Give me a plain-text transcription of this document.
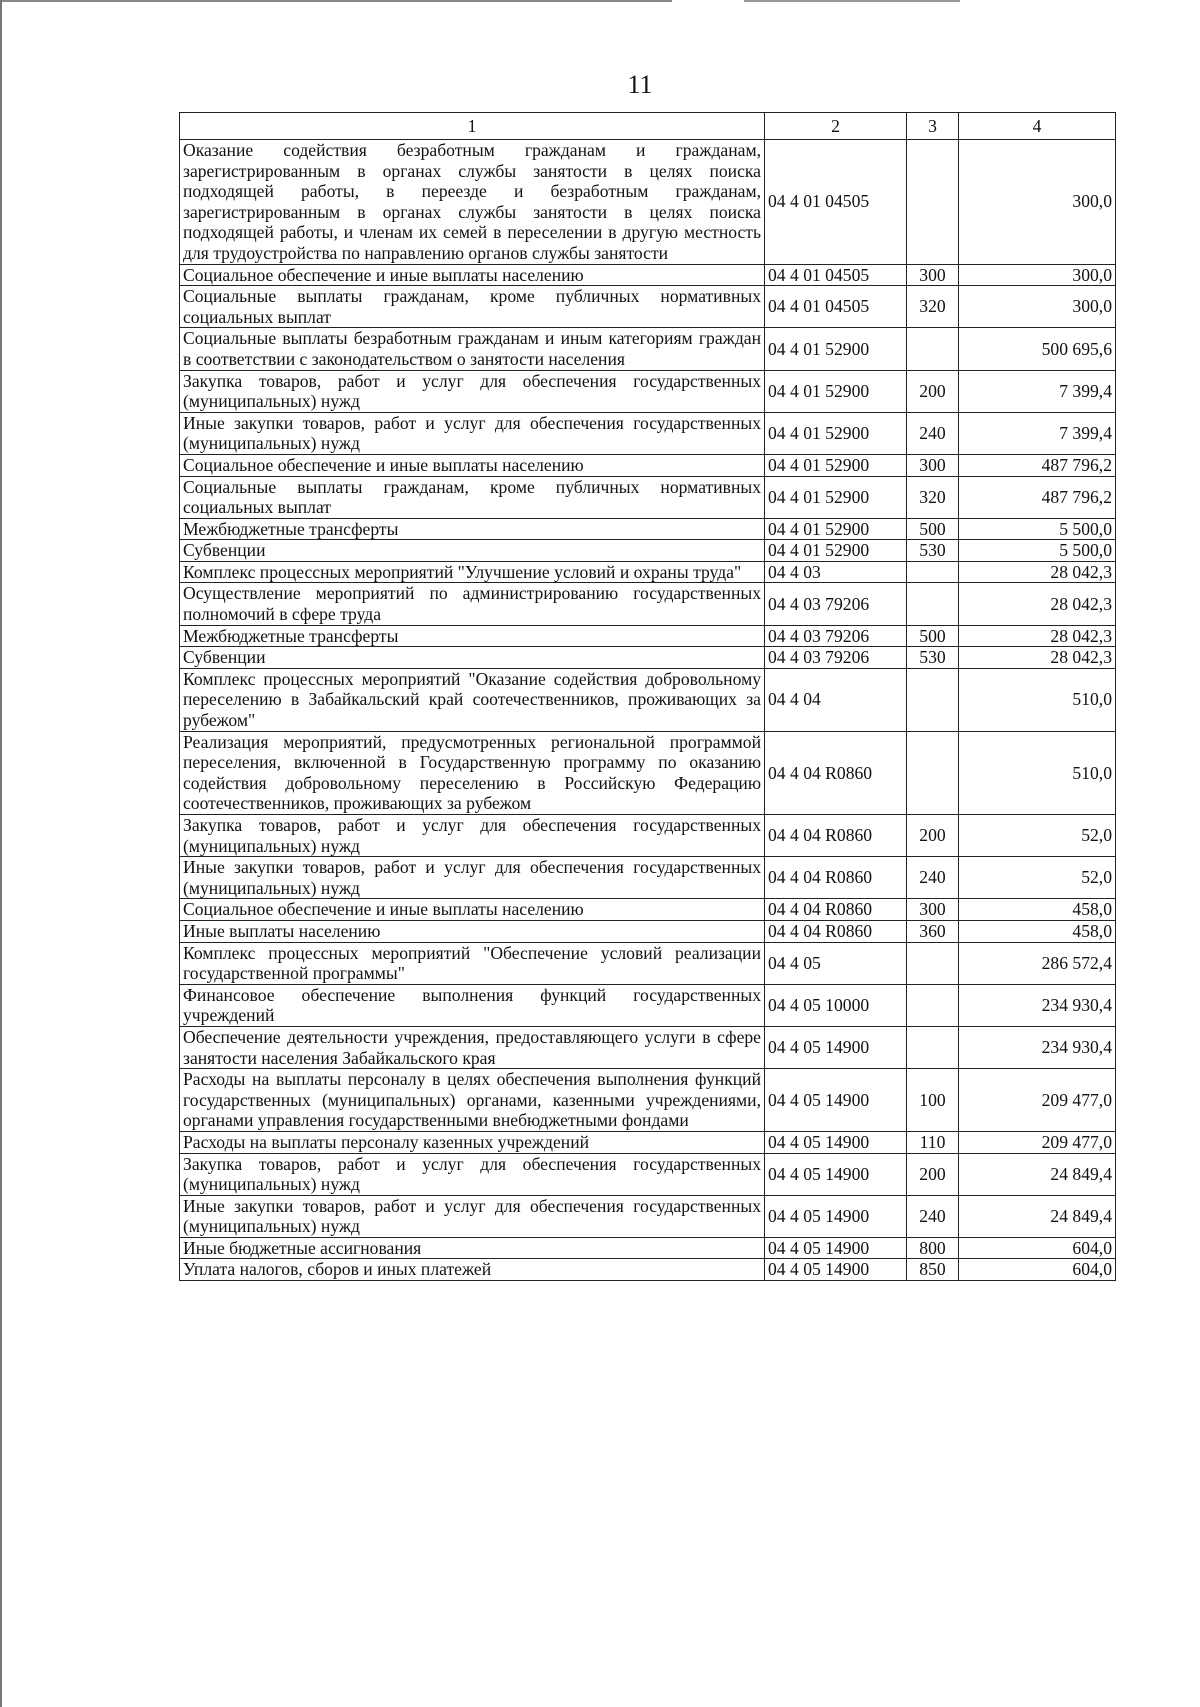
11
1	2	3	4
Оказание содействия безработным гражданам и гражданам, зарегистрированным в органах службы занятости в целях поиска подходящей работы, в переезде и безработным гражданам, зарегистрированным в органах службы занятости в целях поиска подходящей работы, и членам их семей в переселении в другую местность для трудоустройства по направлению органов службы занятости	04 4 01 04505		300,0
Социальное обеспечение и иные выплаты населению	04 4 01 04505	300	300,0
Социальные выплаты гражданам, кроме публичных нормативных социальных выплат	04 4 01 04505	320	300,0
Социальные выплаты безработным гражданам и иным категориям граждан в соответствии с законодательством о занятости населения	04 4 01 52900		500 695,6
Закупка товаров, работ и услуг для обеспечения государственных (муниципальных) нужд	04 4 01 52900	200	7 399,4
Иные закупки товаров, работ и услуг для обеспечения государственных (муниципальных) нужд	04 4 01 52900	240	7 399,4
Социальное обеспечение и иные выплаты населению	04 4 01 52900	300	487 796,2
Социальные выплаты гражданам, кроме публичных нормативных социальных выплат	04 4 01 52900	320	487 796,2
Межбюджетные трансферты	04 4 01 52900	500	5 500,0
Субвенции	04 4 01 52900	530	5 500,0
Комплекс процессных мероприятий "Улучшение условий и охраны труда"	04 4 03		28 042,3
Осуществление мероприятий по администрированию государственных полномочий в сфере труда	04 4 03 79206		28 042,3
Межбюджетные трансферты	04 4 03 79206	500	28 042,3
Субвенции	04 4 03 79206	530	28 042,3
Комплекс процессных мероприятий "Оказание содействия добровольному переселению в Забайкальский край соотечественников, проживающих за рубежом"	04 4 04		510,0
Реализация мероприятий, предусмотренных региональной программой переселения, включенной в Государственную программу по оказанию содействия добровольному переселению в Российскую Федерацию соотечественников, проживающих за рубежом	04 4 04 R0860		510,0
Закупка товаров, работ и услуг для обеспечения государственных (муниципальных) нужд	04 4 04 R0860	200	52,0
Иные закупки товаров, работ и услуг для обеспечения государственных (муниципальных) нужд	04 4 04 R0860	240	52,0
Социальное обеспечение и иные выплаты населению	04 4 04 R0860	300	458,0
Иные выплаты населению	04 4 04 R0860	360	458,0
Комплекс процессных мероприятий "Обеспечение условий реализации государственной программы"	04 4 05		286 572,4
Финансовое обеспечение выполнения функций государственных учреждений	04 4 05 10000		234 930,4
Обеспечение деятельности учреждения, предоставляющего услуги в сфере занятости населения Забайкальского края	04 4 05 14900		234 930,4
Расходы на выплаты персоналу в целях обеспечения выполнения функций государственных (муниципальных) органами, казенными учреждениями, органами управления государственными внебюджетными фондами	04 4 05 14900	100	209 477,0
Расходы на выплаты персоналу казенных учреждений	04 4 05 14900	110	209 477,0
Закупка товаров, работ и услуг для обеспечения государственных (муниципальных) нужд	04 4 05 14900	200	24 849,4
Иные закупки товаров, работ и услуг для обеспечения государственных (муниципальных) нужд	04 4 05 14900	240	24 849,4
Иные бюджетные ассигнования	04 4 05 14900	800	604,0
Уплата налогов, сборов и иных платежей	04 4 05 14900	850	604,0
